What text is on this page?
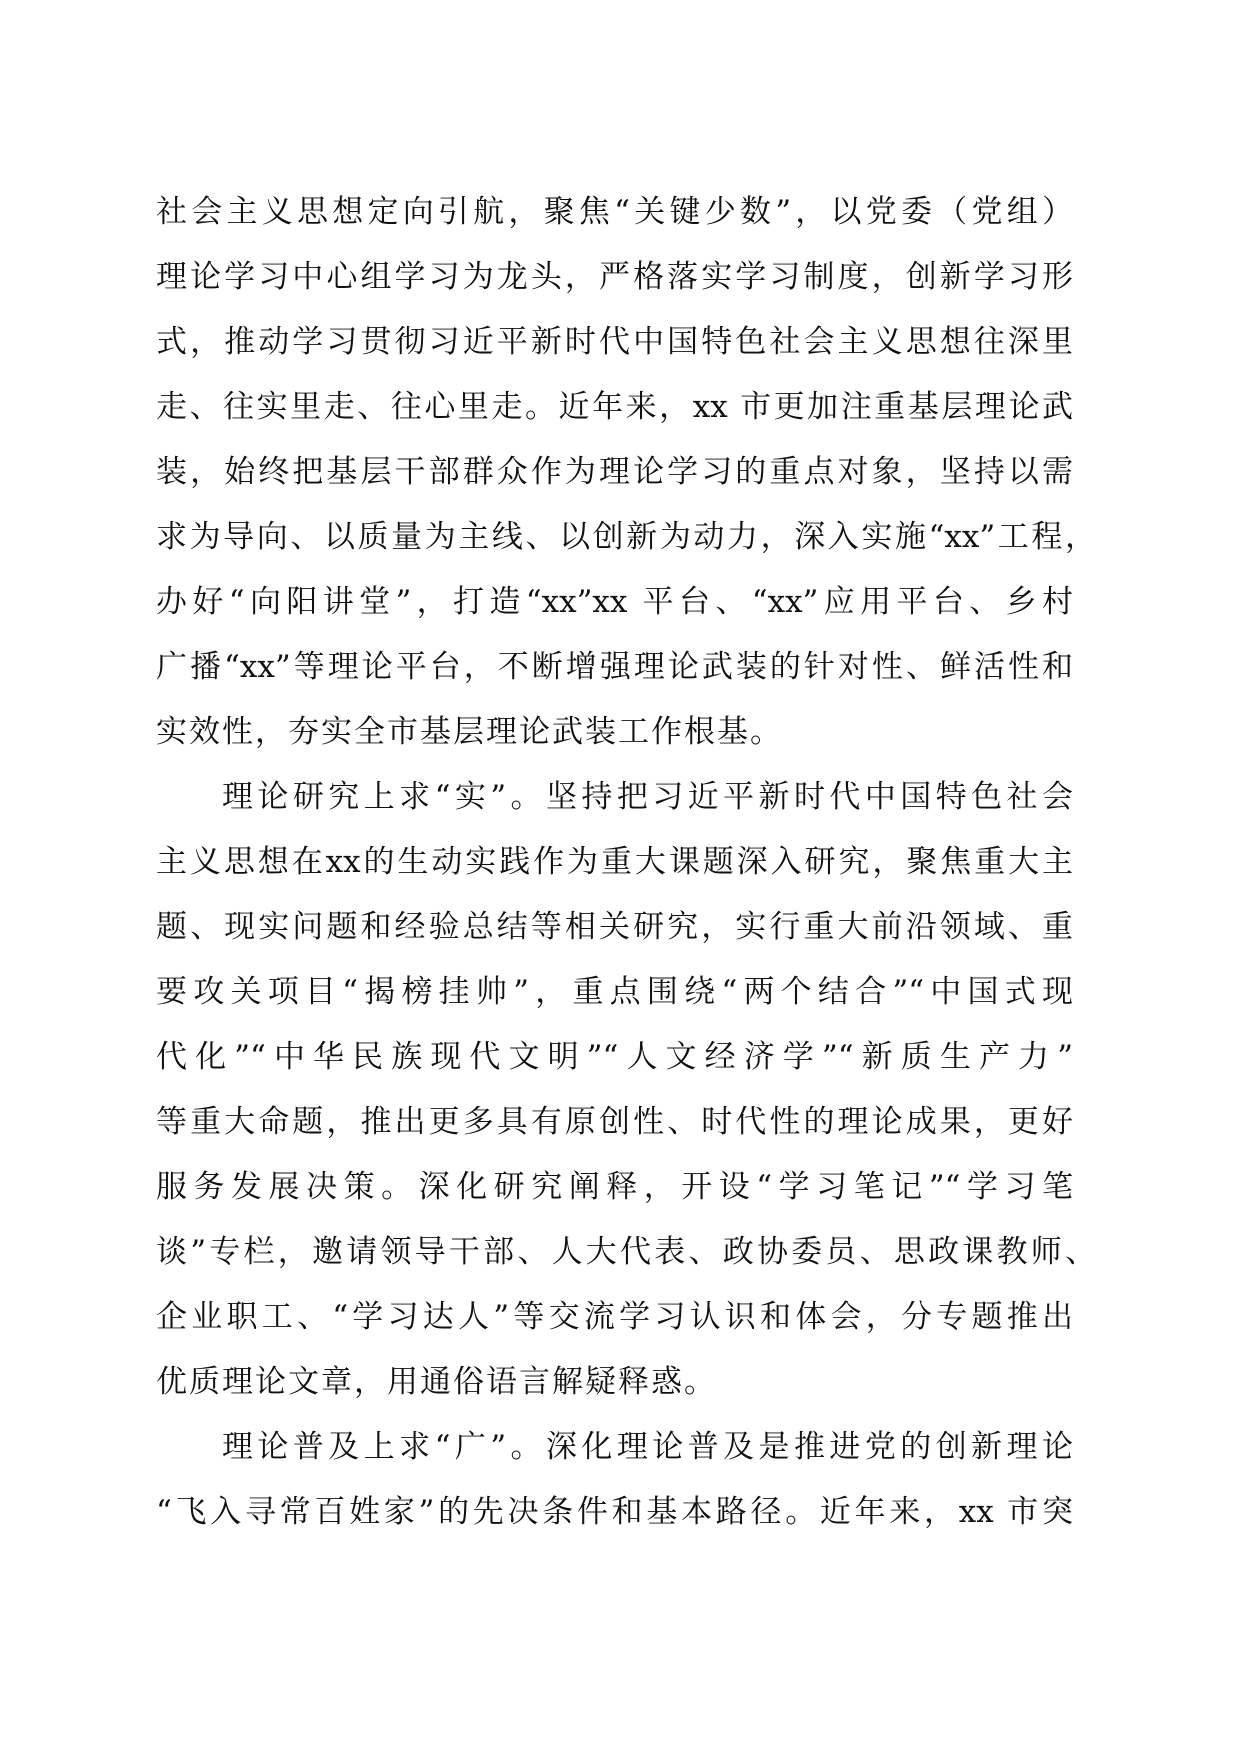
社会主义思想定向引航，聚焦“关键少数”，以党委（党组）
理论学习中心组学习为龙头，严格落实学习制度，创新学习形
式，推动学习贯彻习近平新时代中国特色社会主义思想往深里
走、往实里走、往心里走。近年来，xx 市更加注重基层理论武
装，始终把基层干部群众作为理论学习的重点对象，坚持以需
求为导向、以质量为主线、以创新为动力，深入实施“xx”工程，
办好“向阳讲堂”，打造“xx”xx 平台、“xx”应用平台、乡村
广播“xx”等理论平台，不断增强理论武装的针对性、鲜活性和
实效性，夯实全市基层理论武装工作根基。
理论研究上求“实”。坚持把习近平新时代中国特色社会
主义思想在xx的生动实践作为重大课题深入研究，聚焦重大主
题、现实问题和经验总结等相关研究，实行重大前沿领域、重
要攻关项目“揭榜挂帅”，重点围绕“两个结合”“中国式现
代化”“中华民族现代文明”“人文经济学”“新质生产力”
等重大命题，推出更多具有原创性、时代性的理论成果，更好
服务发展决策。深化研究阐释，开设“学习笔记”“学习笔
谈”专栏，邀请领导干部、人大代表、政协委员、思政课教师、
企业职工、“学习达人”等交流学习认识和体会，分专题推出
优质理论文章，用通俗语言解疑释惑。
理论普及上求“广”。深化理论普及是推进党的创新理论
“飞入寻常百姓家”的先决条件和基本路径。近年来，xx 市突
